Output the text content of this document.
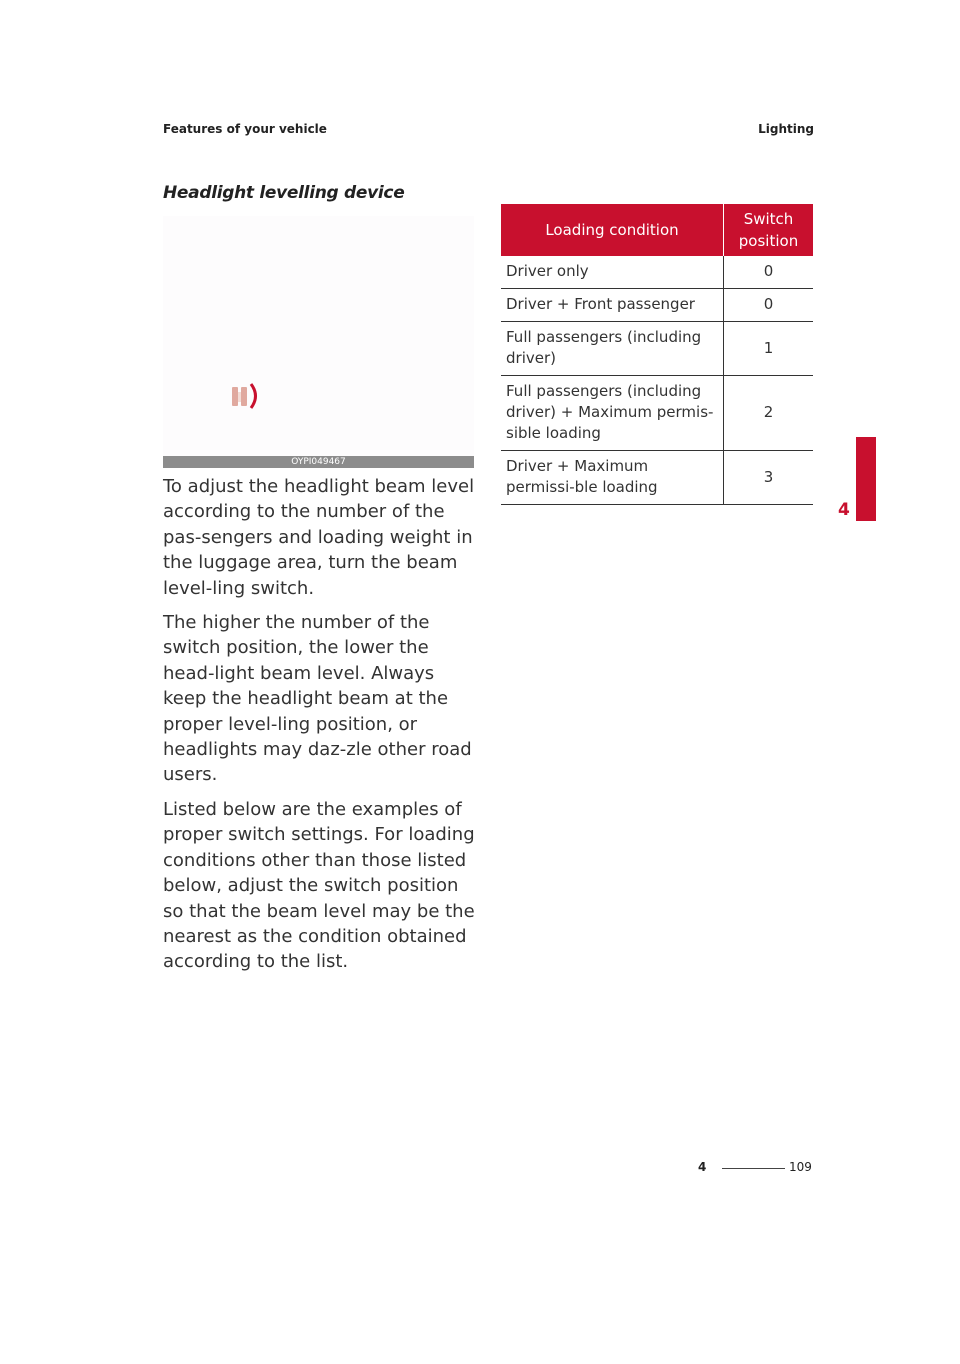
Features of your vehicle	Lighting
Headlight levelling device
OYPI049467

To adjust the headlight beam level according to the number of the pas-sengers and loading weight in the luggage area, turn the beam level-ling switch.

The higher the number of the switch position, the lower the head-light beam level. Always keep the headlight beam at the proper level-ling position, or headlights may daz-zle other road users.

Listed below are the examples of proper switch settings. For loading conditions other than those listed below, adjust the switch position so that the beam level may be the nearest as the condition obtained according to the list.

Loading condition	Switch position
Driver only	0
Driver + Front passenger	0
Full passengers (including driver)	1
Full passengers (including driver) + Maximum permis-sible loading	2
Driver + Maximum permissi-ble loading	3
4
4	109
